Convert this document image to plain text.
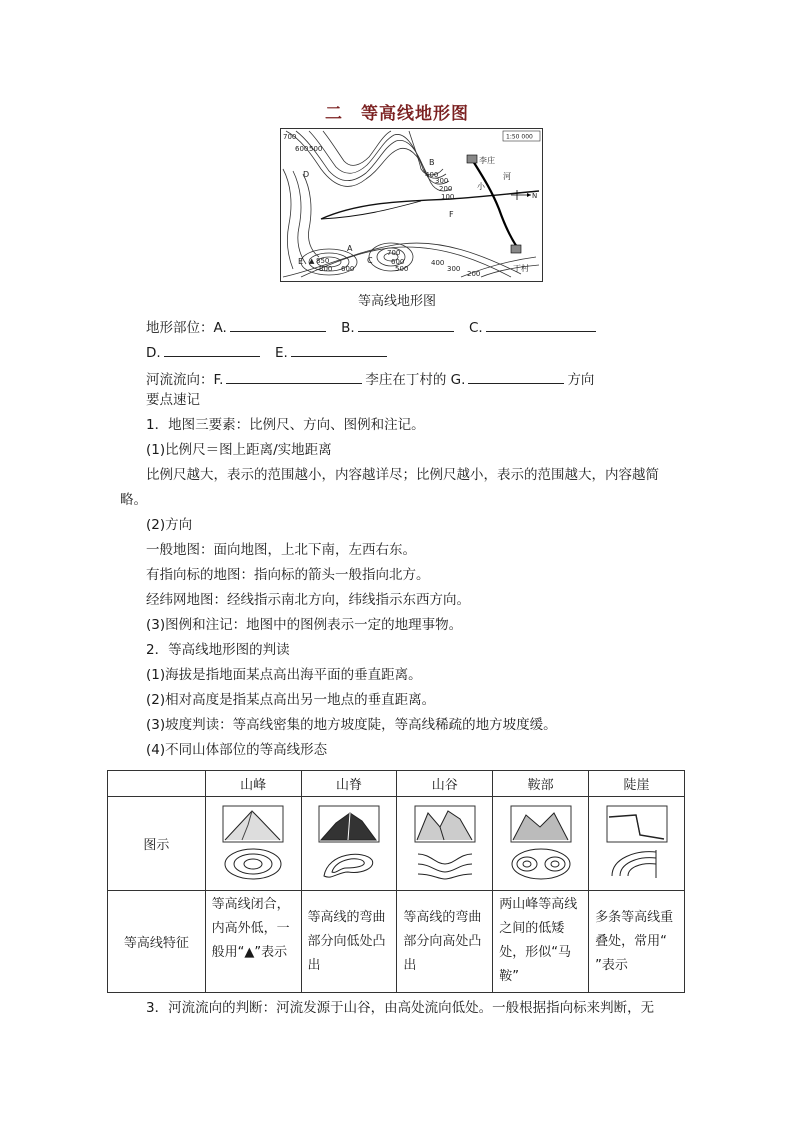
二　等高线地形图
1:50 000
700
600 500
B
400
300
200
100
李庄
小
河
N
D
F
A
E ▲ 850	C
700
600
500
400
300
200
800 600	丁村
等高线地形图
地形部位：A.	B.	C.
D.	E.
河流流向：F.	李庄在丁村的 G.	方向
要点速记
1．地图三要素：比例尺、方向、图例和注记。
(1)比例尺＝图上距离/实地距离
比例尺越大，表示的范围越小，内容越详尽；比例尺越小，表示的范围越大，内容越简
略。
(2)方向
一般地图：面向地图，上北下南，左西右东。
有指向标的地图：指向标的箭头一般指向北方。
经纬网地图：经线指示南北方向，纬线指示东西方向。
(3)图例和注记：地图中的图例表示一定的地理事物。
2．等高线地形图的判读
(1)海拔是指地面某点高出海平面的垂直距离。
(2)相对高度是指某点高出另一地点的垂直距离。
(3)坡度判读：等高线密集的地方坡度陡，等高线稀疏的地方坡度缓。
(4)不同山体部位的等高线形态
	山峰	山脊	山谷	鞍部	陡崖
图示	

等高线特征	等高线闭合，内高外低，一般用“▲”表示	等高线的弯曲部分向低处凸出	等高线的弯曲部分向高处凸出	两山峰等高线之间的低矮处，形似“马鞍”	多条等高线重叠处，常用“ ”表示
3．河流流向的判断：河流发源于山谷，由高处流向低处。一般根据指向标来判断，无
